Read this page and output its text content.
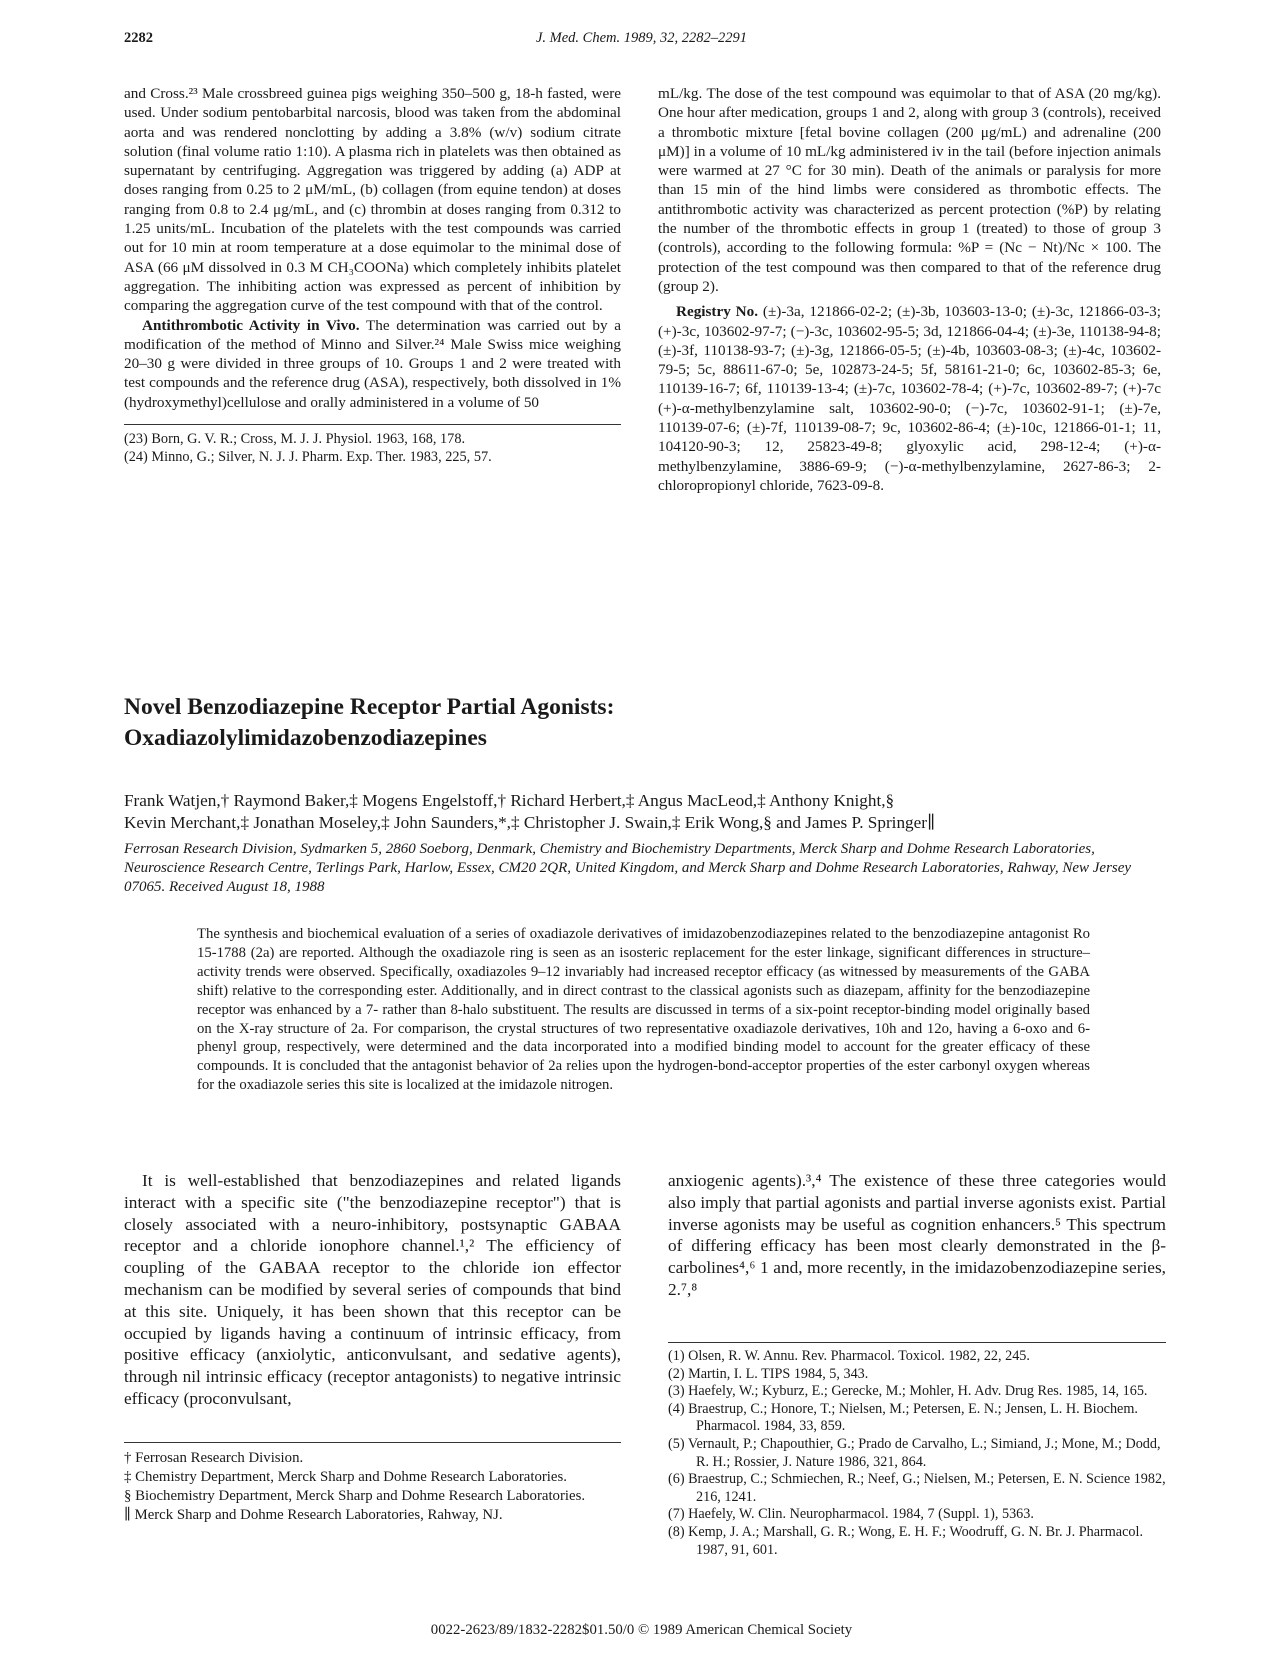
2282	J. Med. Chem. 1989, 32, 2282–2291

and Cross.²³ Male crossbreed guinea pigs weighing 350–500 g, 18-h fasted, were used. Under sodium pentobarbital narcosis, blood was taken from the abdominal aorta and was rendered nonclotting by adding a 3.8% (w/v) sodium citrate solution (final volume ratio 1:10). A plasma rich in platelets was then obtained as supernatant by centrifuging. Aggregation was triggered by adding (a) ADP at doses ranging from 0.25 to 2 μM/mL, (b) collagen (from equine tendon) at doses ranging from 0.8 to 2.4 μg/mL, and (c) thrombin at doses ranging from 0.312 to 1.25 units/mL. Incubation of the platelets with the test compounds was carried out for 10 min at room temperature at a dose equimolar to the minimal dose of ASA (66 μM dissolved in 0.3 M CH₃COONa) which completely inhibits platelet aggregation. The inhibiting action was expressed as percent of inhibition by comparing the aggregation curve of the test compound with that of the control.

Antithrombotic Activity in Vivo. The determination was carried out by a modification of the method of Minno and Silver.²⁴ Male Swiss mice weighing 20–30 g were divided in three groups of 10. Groups 1 and 2 were treated with test compounds and the reference drug (ASA), respectively, both dissolved in 1% (hydroxymethyl)cellulose and orally administered in a volume of 50

(23) Born, G. V. R.; Cross, M. J. J. Physiol. 1963, 168, 178.

(24) Minno, G.; Silver, N. J. J. Pharm. Exp. Ther. 1983, 225, 57.

mL/kg. The dose of the test compound was equimolar to that of ASA (20 mg/kg). One hour after medication, groups 1 and 2, along with group 3 (controls), received a thrombotic mixture [fetal bovine collagen (200 μg/mL) and adrenaline (200 μM)] in a volume of 10 mL/kg administered iv in the tail (before injection animals were warmed at 27 °C for 30 min). Death of the animals or paralysis for more than 15 min of the hind limbs were considered as thrombotic effects. The antithrombotic activity was characterized as percent protection (%P) by relating the number of the thrombotic effects in group 1 (treated) to those of group 3 (controls), according to the following formula: %P = (Nc − Nt)/Nc × 100. The protection of the test compound was then compared to that of the reference drug (group 2).

Registry No. (±)-3a, 121866-02-2; (±)-3b, 103603-13-0; (±)-3c, 121866-03-3; (+)-3c, 103602-97-7; (−)-3c, 103602-95-5; 3d, 121866-04-4; (±)-3e, 110138-94-8; (±)-3f, 110138-93-7; (±)-3g, 121866-05-5; (±)-4b, 103603-08-3; (±)-4c, 103602-79-5; 5c, 88611-67-0; 5e, 102873-24-5; 5f, 58161-21-0; 6c, 103602-85-3; 6e, 110139-16-7; 6f, 110139-13-4; (±)-7c, 103602-78-4; (+)-7c, 103602-89-7; (+)-7c (+)-α-methylbenzylamine salt, 103602-90-0; (−)-7c, 103602-91-1; (±)-7e, 110139-07-6; (±)-7f, 110139-08-7; 9c, 103602-86-4; (±)-10c, 121866-01-1; 11, 104120-90-3; 12, 25823-49-8; glyoxylic acid, 298-12-4; (+)-α-methylbenzylamine, 3886-69-9; (−)-α-methylbenzylamine, 2627-86-3; 2-chloropropionyl chloride, 7623-09-8.

Novel Benzodiazepine Receptor Partial Agonists:
Oxadiazolylimidazobenzodiazepines
Frank Watjen,† Raymond Baker,‡ Mogens Engelstoff,† Richard Herbert,‡ Angus MacLeod,‡ Anthony Knight,§
Kevin Merchant,‡ Jonathan Moseley,‡ John Saunders,*,‡ Christopher J. Swain,‡ Erik Wong,§ and James P. Springer∥
Ferrosan Research Division, Sydmarken 5, 2860 Soeborg, Denmark, Chemistry and Biochemistry Departments, Merck Sharp and Dohme Research Laboratories, Neuroscience Research Centre, Terlings Park, Harlow, Essex, CM20 2QR, United Kingdom, and Merck Sharp and Dohme Research Laboratories, Rahway, New Jersey 07065. Received August 18, 1988
The synthesis and biochemical evaluation of a series of oxadiazole derivatives of imidazobenzodiazepines related to the benzodiazepine antagonist Ro 15-1788 (2a) are reported. Although the oxadiazole ring is seen as an isosteric replacement for the ester linkage, significant differences in structure–activity trends were observed. Specifically, oxadiazoles 9–12 invariably had increased receptor efficacy (as witnessed by measurements of the GABA shift) relative to the corresponding ester. Additionally, and in direct contrast to the classical agonists such as diazepam, affinity for the benzodiazepine receptor was enhanced by a 7- rather than 8-halo substituent. The results are discussed in terms of a six-point receptor-binding model originally based on the X-ray structure of 2a. For comparison, the crystal structures of two representative oxadiazole derivatives, 10h and 12o, having a 6-oxo and 6-phenyl group, respectively, were determined and the data incorporated into a modified binding model to account for the greater efficacy of these compounds. It is concluded that the antagonist behavior of 2a relies upon the hydrogen-bond-acceptor properties of the ester carbonyl oxygen whereas for the oxadiazole series this site is localized at the imidazole nitrogen.

It is well-established that benzodiazepines and related ligands interact with a specific site ("the benzodiazepine receptor") that is closely associated with a neuro-inhibitory, postsynaptic GABAA receptor and a chloride ionophore channel.¹,² The efficiency of coupling of the GABAA receptor to the chloride ion effector mechanism can be modified by several series of compounds that bind at this site. Uniquely, it has been shown that this receptor can be occupied by ligands having a continuum of intrinsic efficacy, from positive efficacy (anxiolytic, anticonvulsant, and sedative agents), through nil intrinsic efficacy (receptor antagonists) to negative intrinsic efficacy (proconvulsant,

anxiogenic agents).³,⁴ The existence of these three categories would also imply that partial agonists and partial inverse agonists exist. Partial inverse agonists may be useful as cognition enhancers.⁵ This spectrum of differing efficacy has been most clearly demonstrated in the β-carbolines⁴,⁶ 1 and, more recently, in the imidazobenzodiazepine series, 2.⁷,⁸

(1) Olsen, R. W. Annu. Rev. Pharmacol. Toxicol. 1982, 22, 245.

(2) Martin, I. L. TIPS 1984, 5, 343.

(3) Haefely, W.; Kyburz, E.; Gerecke, M.; Mohler, H. Adv. Drug Res. 1985, 14, 165.

(4) Braestrup, C.; Honore, T.; Nielsen, M.; Petersen, E. N.; Jensen, L. H. Biochem. Pharmacol. 1984, 33, 859.

(5) Vernault, P.; Chapouthier, G.; Prado de Carvalho, L.; Simiand, J.; Mone, M.; Dodd, R. H.; Rossier, J. Nature 1986, 321, 864.

(6) Braestrup, C.; Schmiechen, R.; Neef, G.; Nielsen, M.; Petersen, E. N. Science 1982, 216, 1241.

(7) Haefely, W. Clin. Neuropharmacol. 1984, 7 (Suppl. 1), 5363.

(8) Kemp, J. A.; Marshall, G. R.; Wong, E. H. F.; Woodruff, G. N. Br. J. Pharmacol. 1987, 91, 601.

† Ferrosan Research Division.

‡ Chemistry Department, Merck Sharp and Dohme Research Laboratories.

§ Biochemistry Department, Merck Sharp and Dohme Research Laboratories.

∥ Merck Sharp and Dohme Research Laboratories, Rahway, NJ.

0022-2623/89/1832-2282$01.50/0 © 1989 American Chemical Society
